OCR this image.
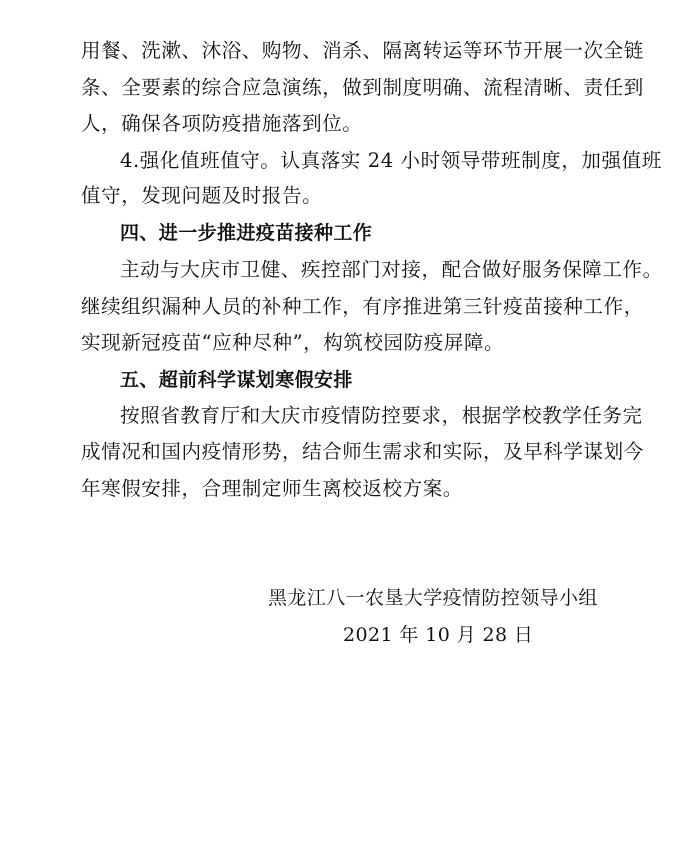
用餐、洗漱、沐浴、购物、消杀、隔离转运等环节开展一次全链
条、全要素的综合应急演练，做到制度明确、流程清晰、责任到
人，确保各项防疫措施落到位。
4.强化值班值守。认真落实 24 小时领导带班制度，加强值班
值守，发现问题及时报告。
四、进一步推进疫苗接种工作
主动与大庆市卫健、疾控部门对接，配合做好服务保障工作。
继续组织漏种人员的补种工作，有序推进第三针疫苗接种工作，
实现新冠疫苗“应种尽种”，构筑校园防疫屏障。
五、超前科学谋划寒假安排
按照省教育厅和大庆市疫情防控要求，根据学校教学任务完
成情况和国内疫情形势，结合师生需求和实际，及早科学谋划今
年寒假安排，合理制定师生离校返校方案。
黑龙江八一农垦大学疫情防控领导小组
2021 年 10 月 28 日
